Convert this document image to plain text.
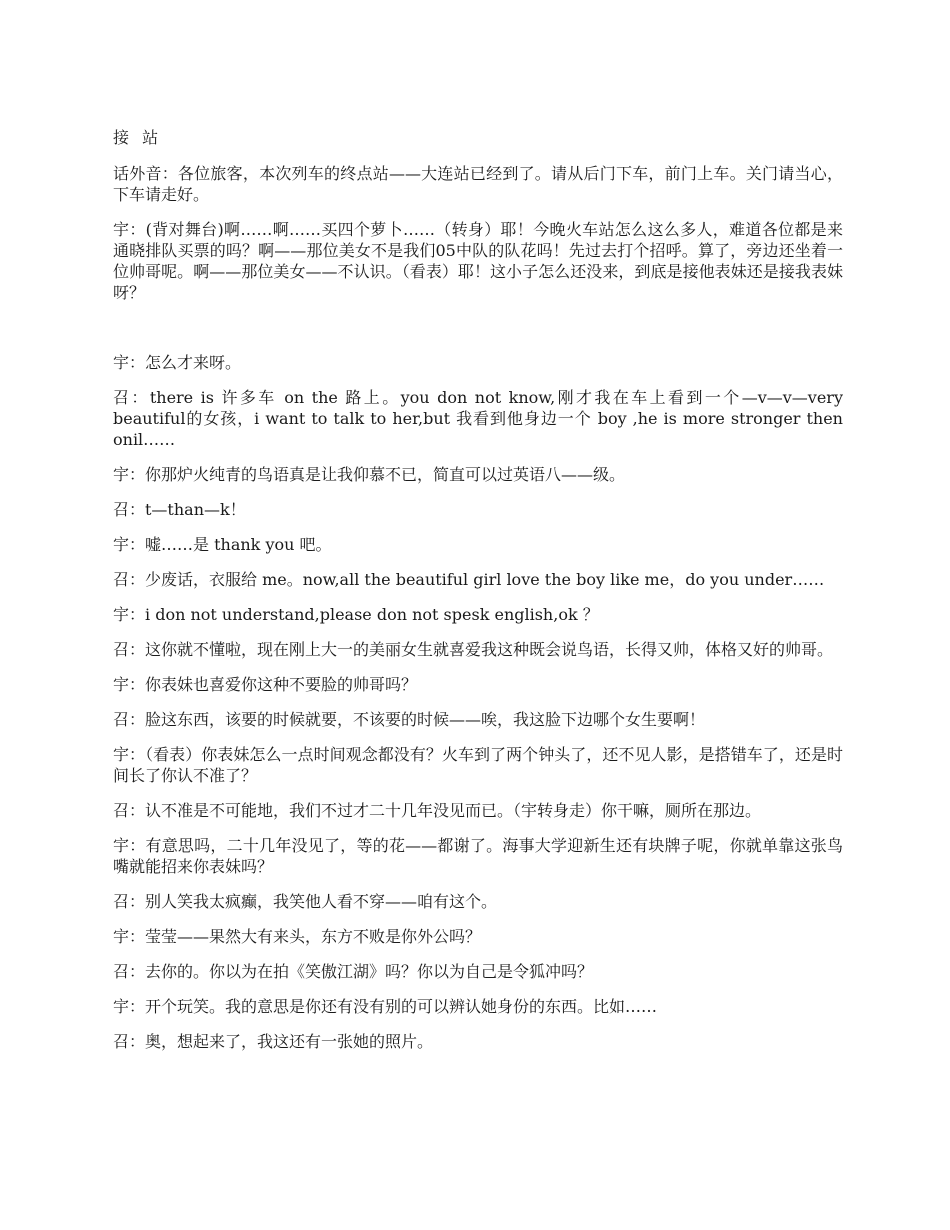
接 站

话外音：各位旅客，本次列车的终点站——大连站已经到了。请从后门下车，前门上车。关门请当心，下车请走好。

宇：(背对舞台)啊……啊……买四个萝卜……（转身）耶！今晚火车站怎么这么多人，难道各位都是来通晓排队买票的吗？啊——那位美女不是我们05中队的队花吗！先过去打个招呼。算了，旁边还坐着一位帅哥呢。啊——那位美女——不认识。（看表）耶！这小子怎么还没来，到底是接他表妹还是接我表妹呀？

宇：怎么才来呀。

召：there is 许多车 on the 路上。you don not know,刚才我在车上看到一个—v—v—very beautiful的女孩，i want to talk to her,but 我看到他身边一个 boy ,he is more stronger then onil……

宇：你那炉火纯青的鸟语真是让我仰慕不已，简直可以过英语八——级。

召：t—than—k！

宇：嘘……是 thank you 吧。

召：少废话，衣服给 me。now,all the beautiful girl love the boy like me，do you under……

宇：i don not understand,please don not spesk english,ok ？

召：这你就不懂啦，现在刚上大一的美丽女生就喜爱我这种既会说鸟语，长得又帅，体格又好的帅哥。

宇：你表妹也喜爱你这种不要脸的帅哥吗？

召：脸这东西，该要的时候就要，不该要的时候——唉，我这脸下边哪个女生要啊！

宇：（看表）你表妹怎么一点时间观念都没有？火车到了两个钟头了，还不见人影，是搭错车了，还是时间长了你认不准了？

召：认不准是不可能地，我们不过才二十几年没见而已。（宇转身走）你干嘛，厕所在那边。

宇：有意思吗，二十几年没见了，等的花——都谢了。海事大学迎新生还有块牌子呢，你就单靠这张鸟嘴就能招来你表妹吗？

召：别人笑我太疯癫，我笑他人看不穿——咱有这个。

宇：莹莹——果然大有来头，东方不败是你外公吗？

召：去你的。你以为在拍《笑傲江湖》吗？你以为自己是令狐冲吗？

宇：开个玩笑。我的意思是你还有没有别的可以辨认她身份的东西。比如……

召：奥，想起来了，我这还有一张她的照片。
